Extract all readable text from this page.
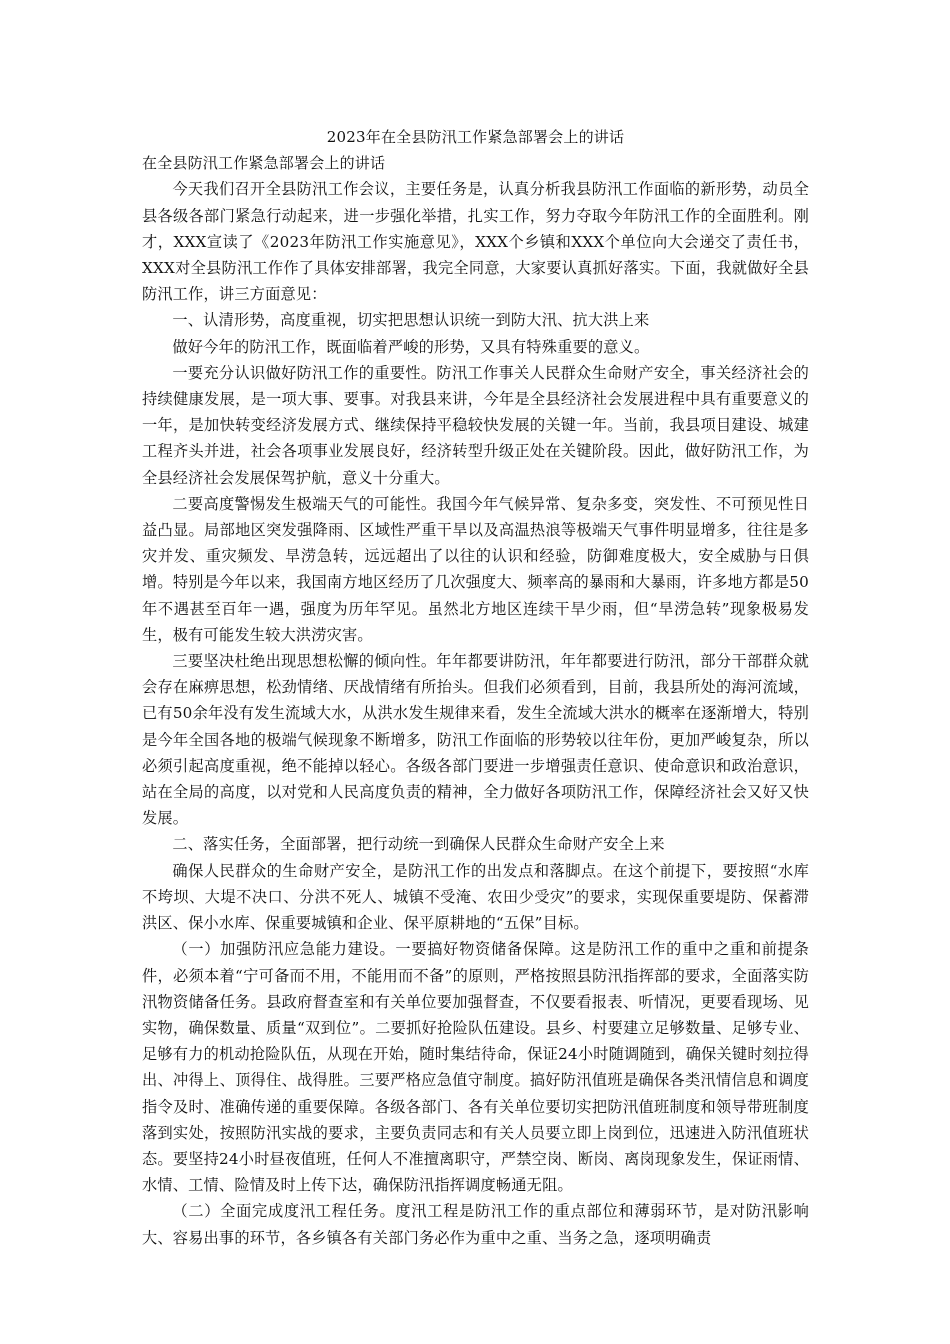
2023年在全县防汛工作紧急部署会上的讲话
在全县防汛工作紧急部署会上的讲话

今天我们召开全县防汛工作会议，主要任务是，认真分析我县防汛工作面临的新形势，动员全县各级各部门紧急行动起来，进一步强化举措，扎实工作，努力夺取今年防汛工作的全面胜利。刚才，XXX宣读了《2023年防汛工作实施意见》，XXX个乡镇和XXX个单位向大会递交了责任书，XXX对全县防汛工作作了具体安排部署，我完全同意，大家要认真抓好落实。下面，我就做好全县防汛工作，讲三方面意见：

一、认清形势，高度重视，切实把思想认识统一到防大汛、抗大洪上来

做好今年的防汛工作，既面临着严峻的形势，又具有特殊重要的意义。

一要充分认识做好防汛工作的重要性。防汛工作事关人民群众生命财产安全，事关经济社会的持续健康发展，是一项大事、要事。对我县来讲，今年是全县经济社会发展进程中具有重要意义的一年，是加快转变经济发展方式、继续保持平稳较快发展的关键一年。当前，我县项目建设、城建工程齐头并进，社会各项事业发展良好，经济转型升级正处在关键阶段。因此，做好防汛工作，为全县经济社会发展保驾护航，意义十分重大。

二要高度警惕发生极端天气的可能性。我国今年气候异常、复杂多变，突发性、不可预见性日益凸显。局部地区突发强降雨、区域性严重干旱以及高温热浪等极端天气事件明显增多，往往是多灾并发、重灾频发、旱涝急转，远远超出了以往的认识和经验，防御难度极大，安全威胁与日俱增。特别是今年以来，我国南方地区经历了几次强度大、频率高的暴雨和大暴雨，许多地方都是50年不遇甚至百年一遇，强度为历年罕见。虽然北方地区连续干旱少雨，但“旱涝急转”现象极易发生，极有可能发生较大洪涝灾害。

三要坚决杜绝出现思想松懈的倾向性。年年都要讲防汛，年年都要进行防汛，部分干部群众就会存在麻痹思想，松劲情绪、厌战情绪有所抬头。但我们必须看到，目前，我县所处的海河流域，已有50余年没有发生流域大水，从洪水发生规律来看，发生全流域大洪水的概率在逐渐增大，特别是今年全国各地的极端气候现象不断增多，防汛工作面临的形势较以往年份，更加严峻复杂，所以必须引起高度重视，绝不能掉以轻心。各级各部门要进一步增强责任意识、使命意识和政治意识，站在全局的高度，以对党和人民高度负责的精神，全力做好各项防汛工作，保障经济社会又好又快发展。

二、落实任务，全面部署，把行动统一到确保人民群众生命财产安全上来

确保人民群众的生命财产安全，是防汛工作的出发点和落脚点。在这个前提下，要按照“水库不垮坝、大堤不决口、分洪不死人、城镇不受淹、农田少受灾”的要求，实现保重要堤防、保蓄滞洪区、保小水库、保重要城镇和企业、保平原耕地的“五保”目标。

（一）加强防汛应急能力建设。一要搞好物资储备保障。这是防汛工作的重中之重和前提条件，必须本着“宁可备而不用，不能用而不备”的原则，严格按照县防汛指挥部的要求，全面落实防汛物资储备任务。县政府督查室和有关单位要加强督查，不仅要看报表、听情况，更要看现场、见实物，确保数量、质量“双到位”。二要抓好抢险队伍建设。县乡、村要建立足够数量、足够专业、足够有力的机动抢险队伍，从现在开始，随时集结待命，保证24小时随调随到，确保关键时刻拉得出、冲得上、顶得住、战得胜。三要严格应急值守制度。搞好防汛值班是确保各类汛情信息和调度指令及时、准确传递的重要保障。各级各部门、各有关单位要切实把防汛值班制度和领导带班制度落到实处，按照防汛实战的要求，主要负责同志和有关人员要立即上岗到位，迅速进入防汛值班状态。要坚持24小时昼夜值班，任何人不准擅离职守，严禁空岗、断岗、离岗现象发生，保证雨情、水情、工情、险情及时上传下达，确保防汛指挥调度畅通无阻。

（二）全面完成度汛工程任务。度汛工程是防汛工作的重点部位和薄弱环节，是对防汛影响大、容易出事的环节，各乡镇各有关部门务必作为重中之重、当务之急，逐项明确责
